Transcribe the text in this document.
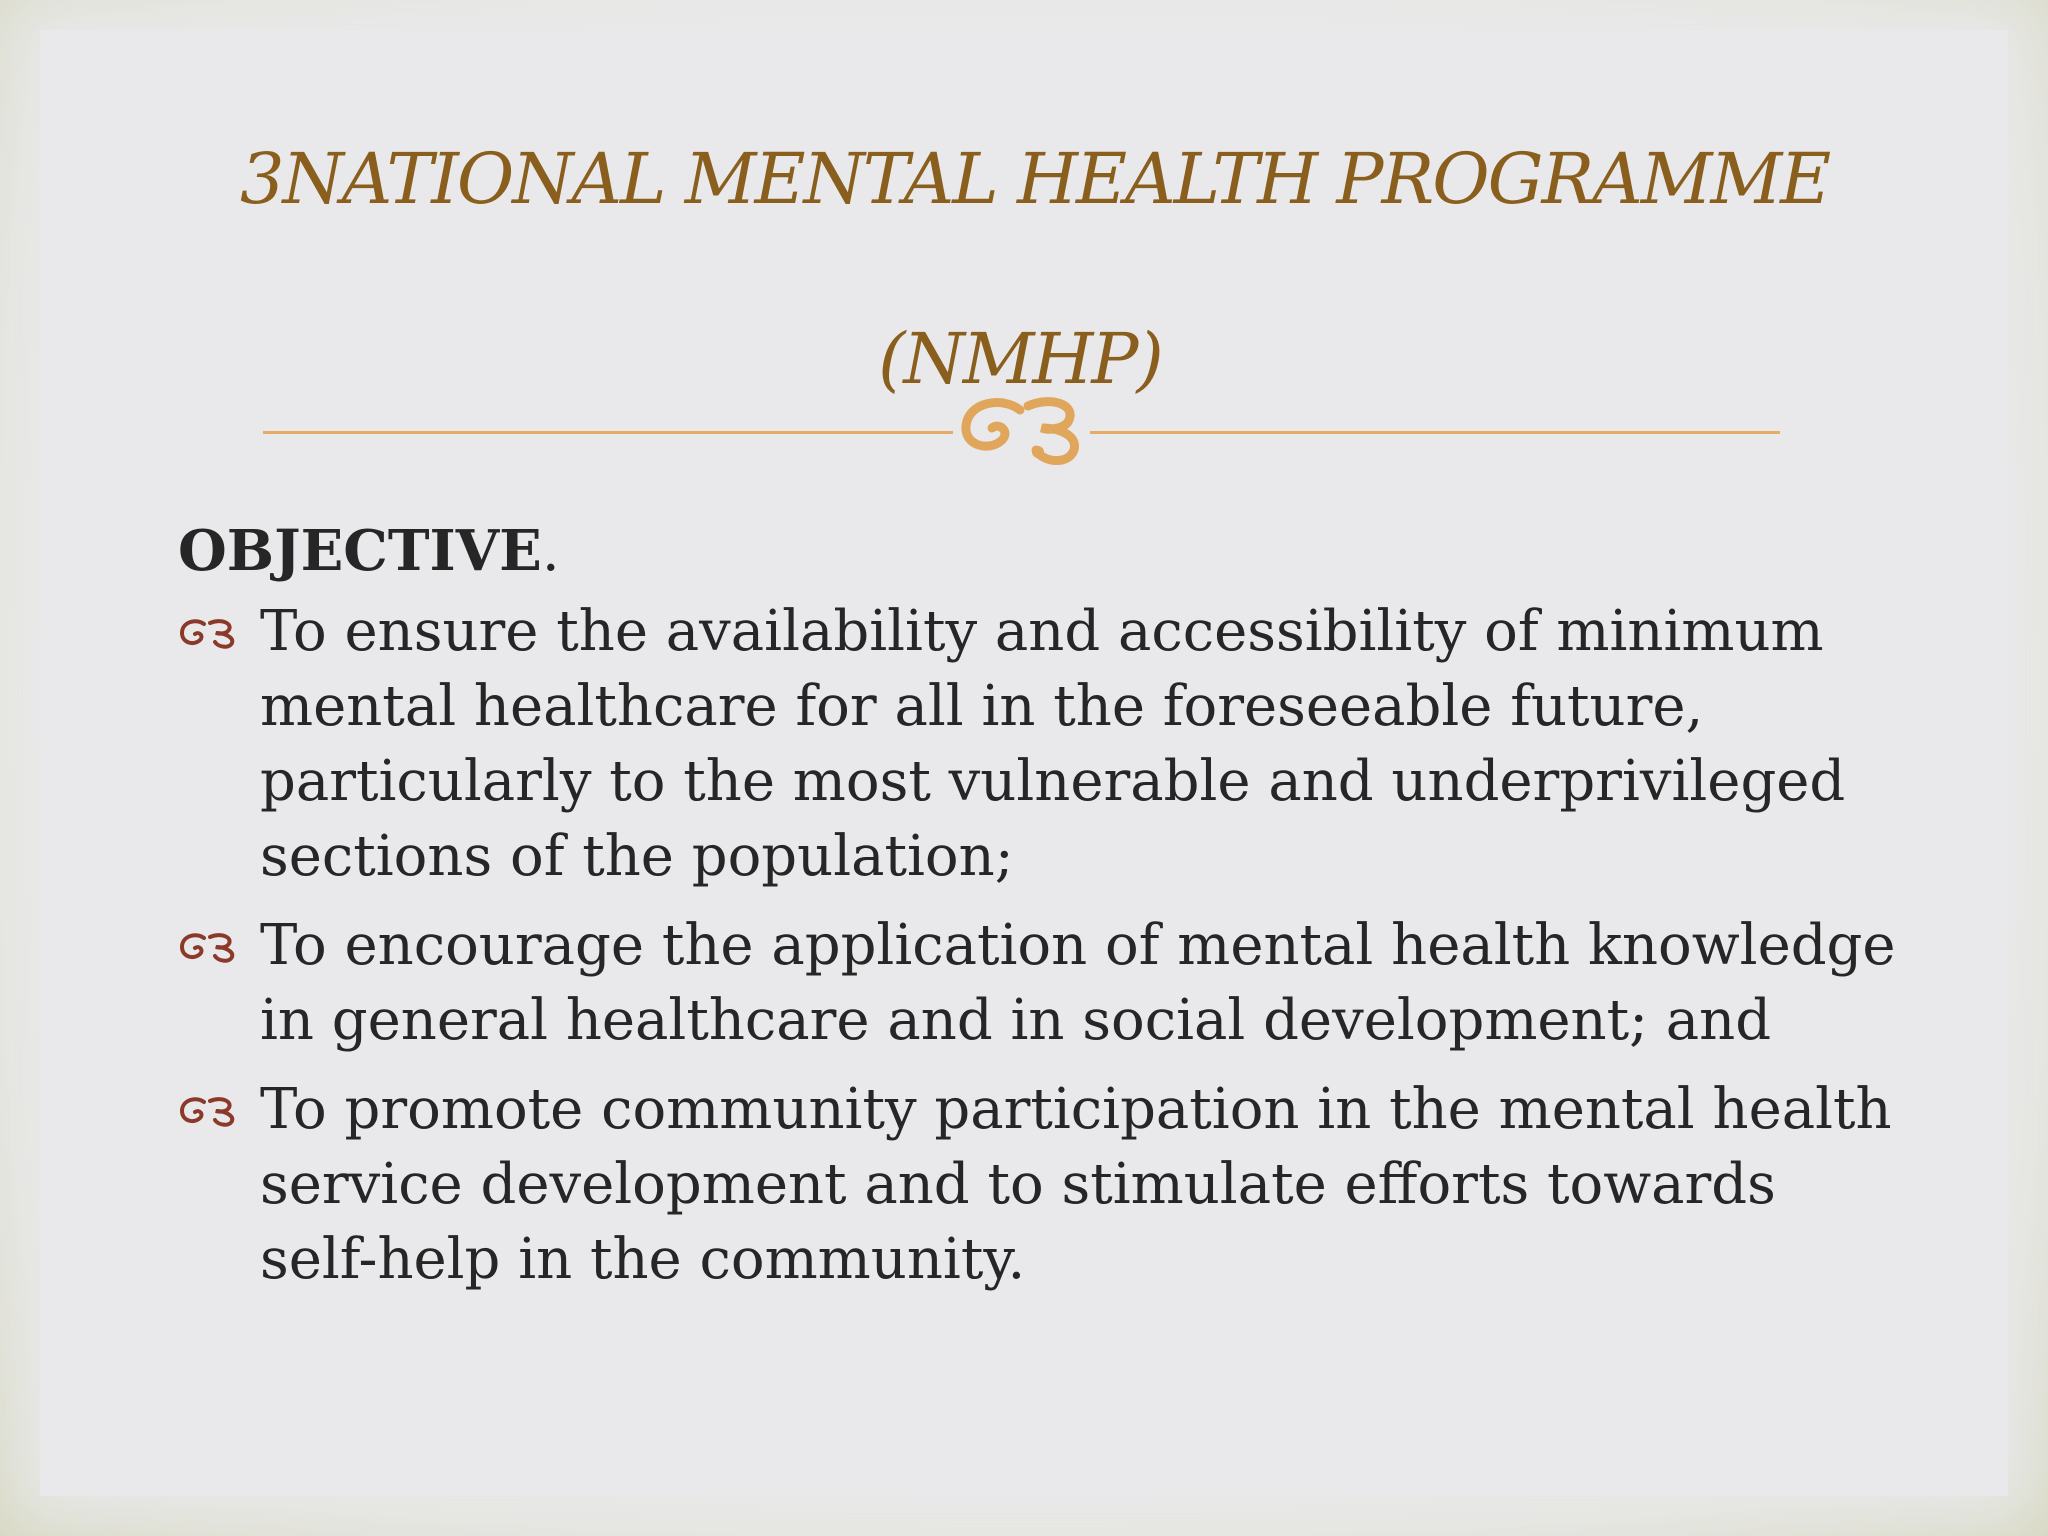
3NATIONAL MENTAL HEALTH PROGRAMME
(NMHP)
OBJECTIVE.
To ensure the availability and accessibility of minimum mental healthcare for all in the foreseeable future, particularly to the most vulnerable and underprivileged sections of the population;
To encourage the application of mental health knowledge in general healthcare and in social development; and
To promote community participation in the mental health service development and to stimulate efforts towards self-help in the community.
